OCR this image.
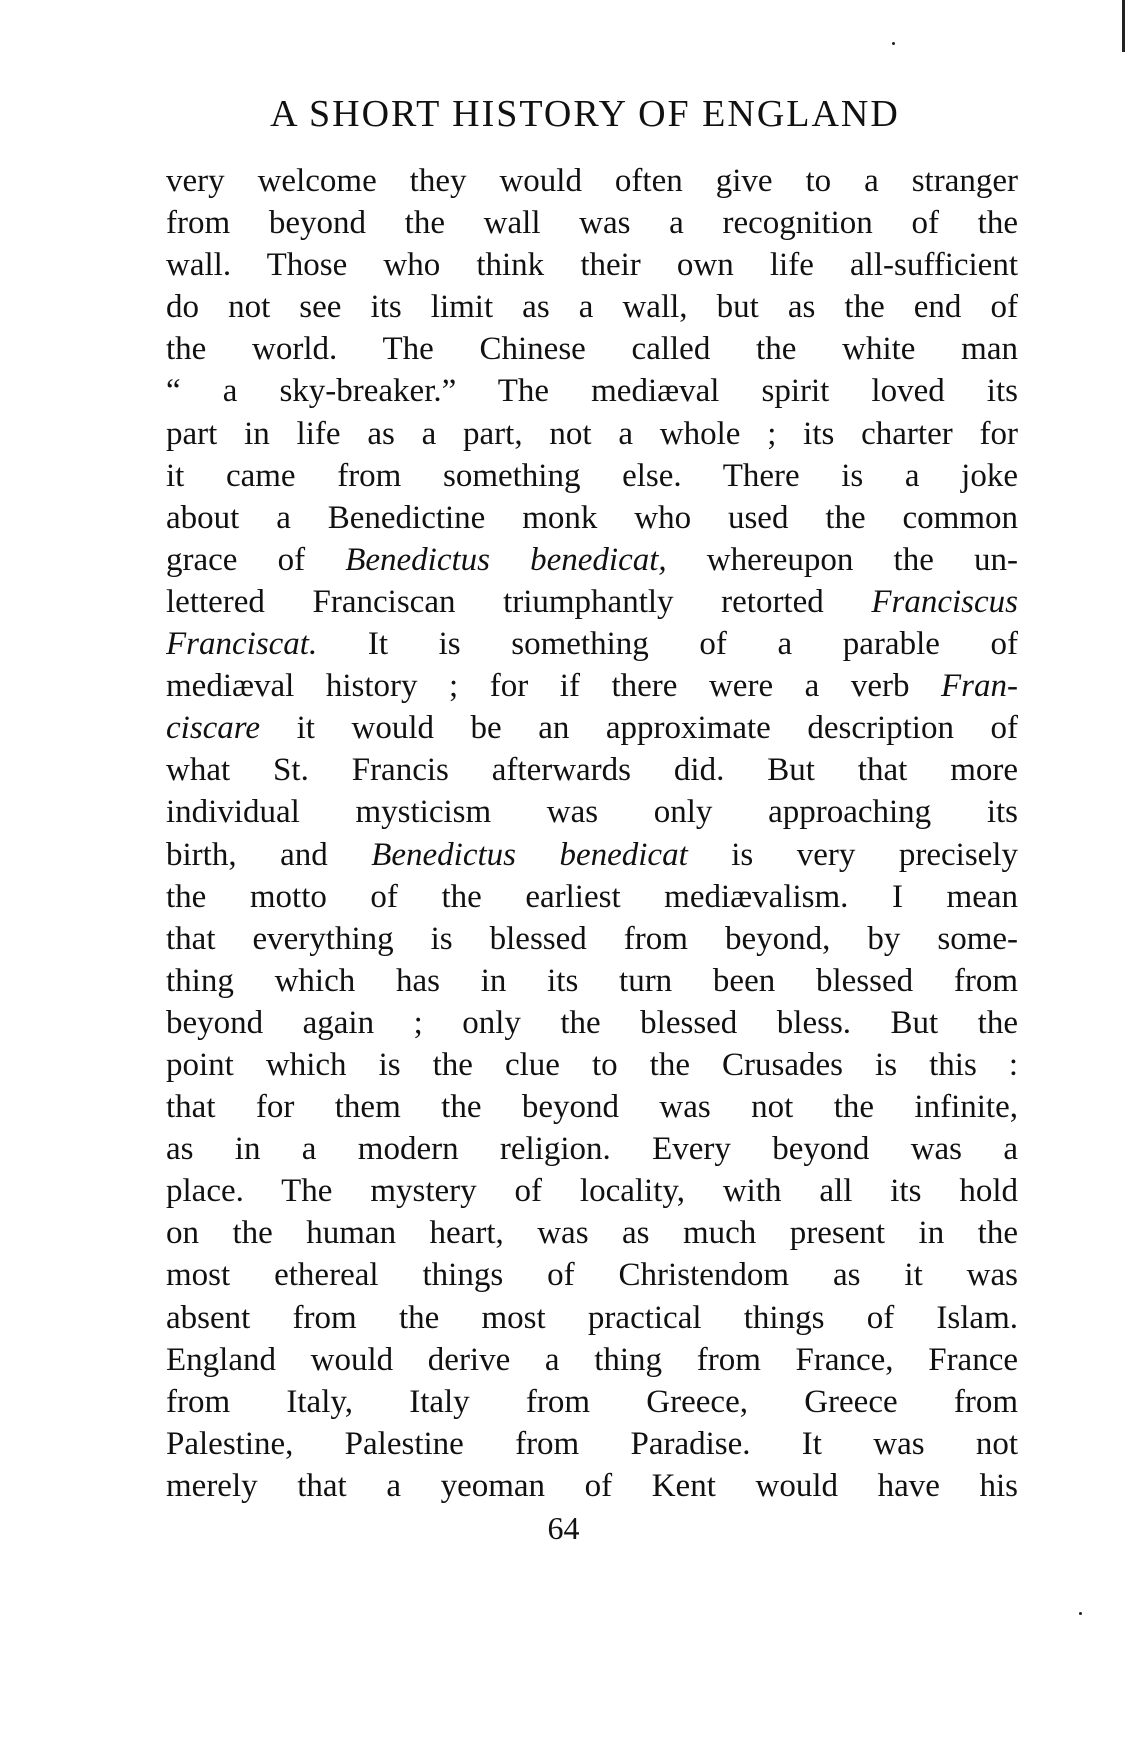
A SHORT HISTORY OF ENGLAND
very welcome they would often give to a stranger
from beyond the wall was a recognition of the
wall. Those who think their own life all-sufficient
do not see its limit as a wall, but as the end of
the world. The Chinese called the white man
“ a sky-breaker.” The mediæval spirit loved its
part in life as a part, not a whole ; its charter for
it came from something else. There is a joke
about a Benedictine monk who used the common
grace of Benedictus benedicat, whereupon the un-
lettered Franciscan triumphantly retorted Franciscus
Franciscat. It is something of a parable of
mediæval history ; for if there were a verb Fran-
ciscare it would be an approximate description of
what St. Francis afterwards did. But that more
individual mysticism was only approaching its
birth, and Benedictus benedicat is very precisely
the motto of the earliest mediævalism. I mean
that everything is blessed from beyond, by some-
thing which has in its turn been blessed from
beyond again ; only the blessed bless. But the
point which is the clue to the Crusades is this :
that for them the beyond was not the infinite,
as in a modern religion. Every beyond was a
place. The mystery of locality, with all its hold
on the human heart, was as much present in the
most ethereal things of Christendom as it was
absent from the most practical things of Islam.
England would derive a thing from France, France
from Italy, Italy from Greece, Greece from
Palestine, Palestine from Paradise. It was not
merely that a yeoman of Kent would have his
64
